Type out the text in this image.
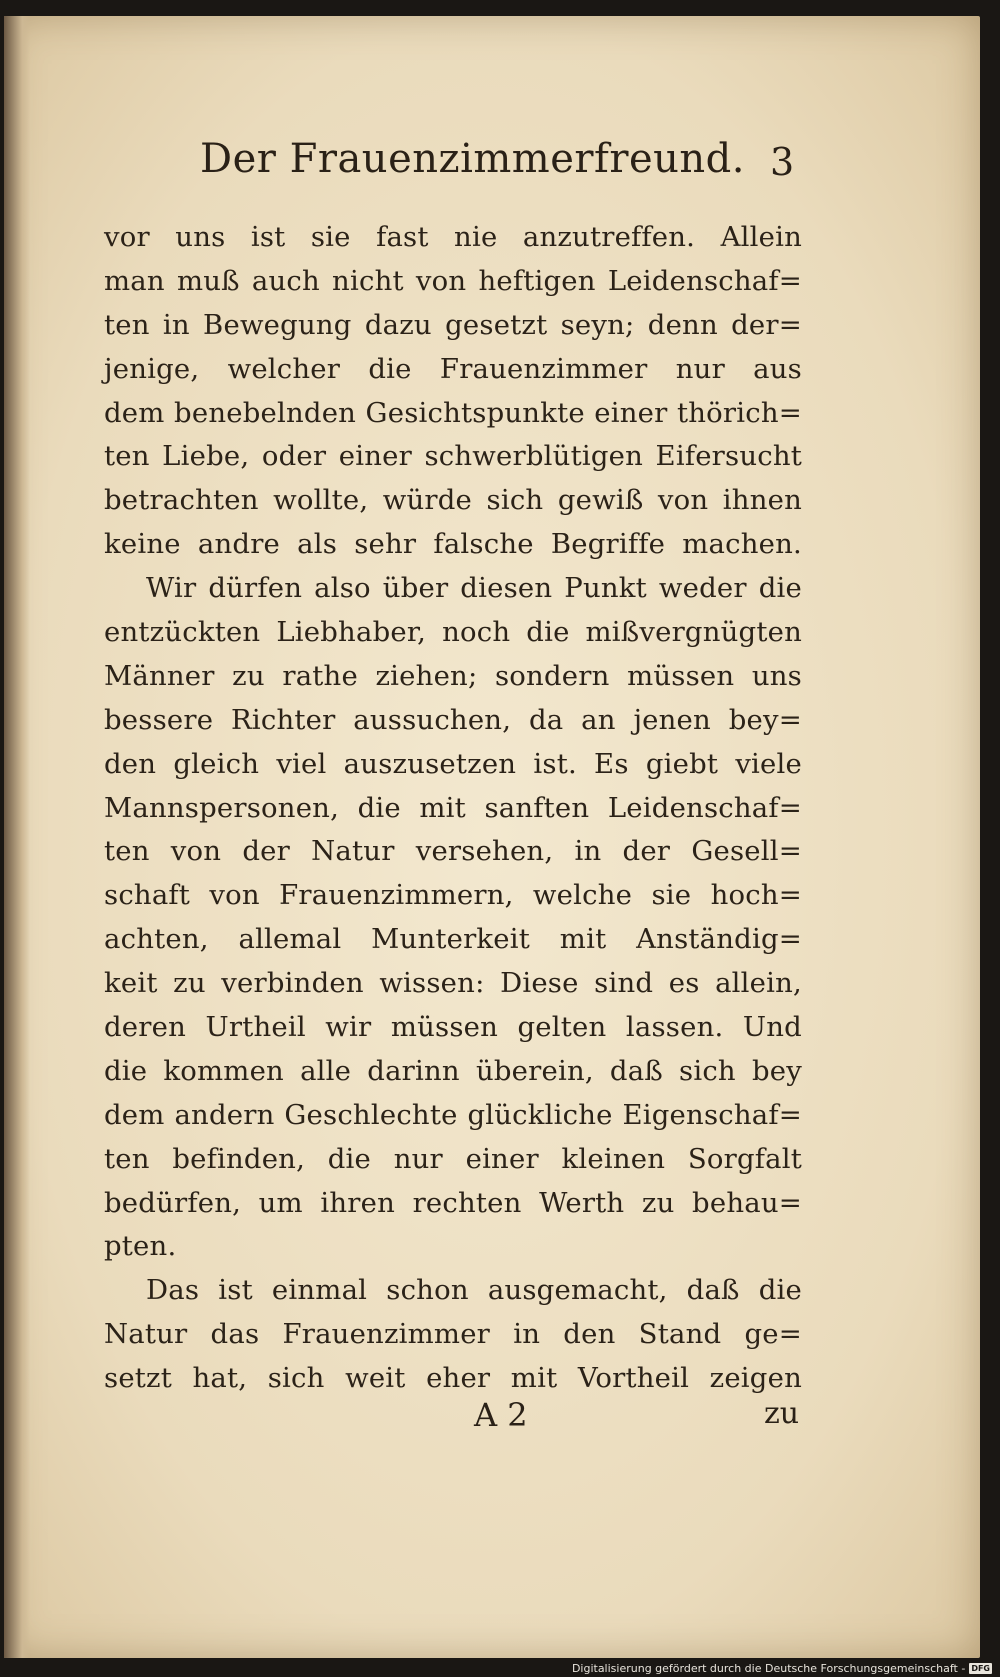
Der Frauenzimmerfreund. 3
vor uns ist sie fast nie anzutreffen. Allein
man muß auch nicht von heftigen Leidenschaf=
ten in Bewegung dazu gesetzt seyn; denn der=
jenige, welcher die Frauenzimmer nur aus
dem benebelnden Gesichtspunkte einer thörich=
ten Liebe, oder einer schwerblütigen Eifersucht
betrachten wollte, würde sich gewiß von ihnen
keine andre als sehr falsche Begriffe machen.
Wir dürfen also über diesen Punkt weder die
entzückten Liebhaber, noch die mißvergnügten
Männer zu rathe ziehen; sondern müssen uns
bessere Richter aussuchen, da an jenen bey=
den gleich viel auszusetzen ist. Es giebt viele
Mannspersonen, die mit sanften Leidenschaf=
ten von der Natur versehen, in der Gesell=
schaft von Frauenzimmern, welche sie hoch=
achten, allemal Munterkeit mit Anständig=
keit zu verbinden wissen: Diese sind es allein,
deren Urtheil wir müssen gelten lassen. Und
die kommen alle darinn überein, daß sich bey
dem andern Geschlechte glückliche Eigenschaf=
ten befinden, die nur einer kleinen Sorgfalt
bedürfen, um ihren rechten Werth zu behau=
pten.
Das ist einmal schon ausgemacht, daß die
Natur das Frauenzimmer in den Stand ge=
setzt hat, sich weit eher mit Vortheil zeigen
A 2	zu
Digitalisierung gefördert durch die Deutsche Forschungsgemeinschaft - DFG
